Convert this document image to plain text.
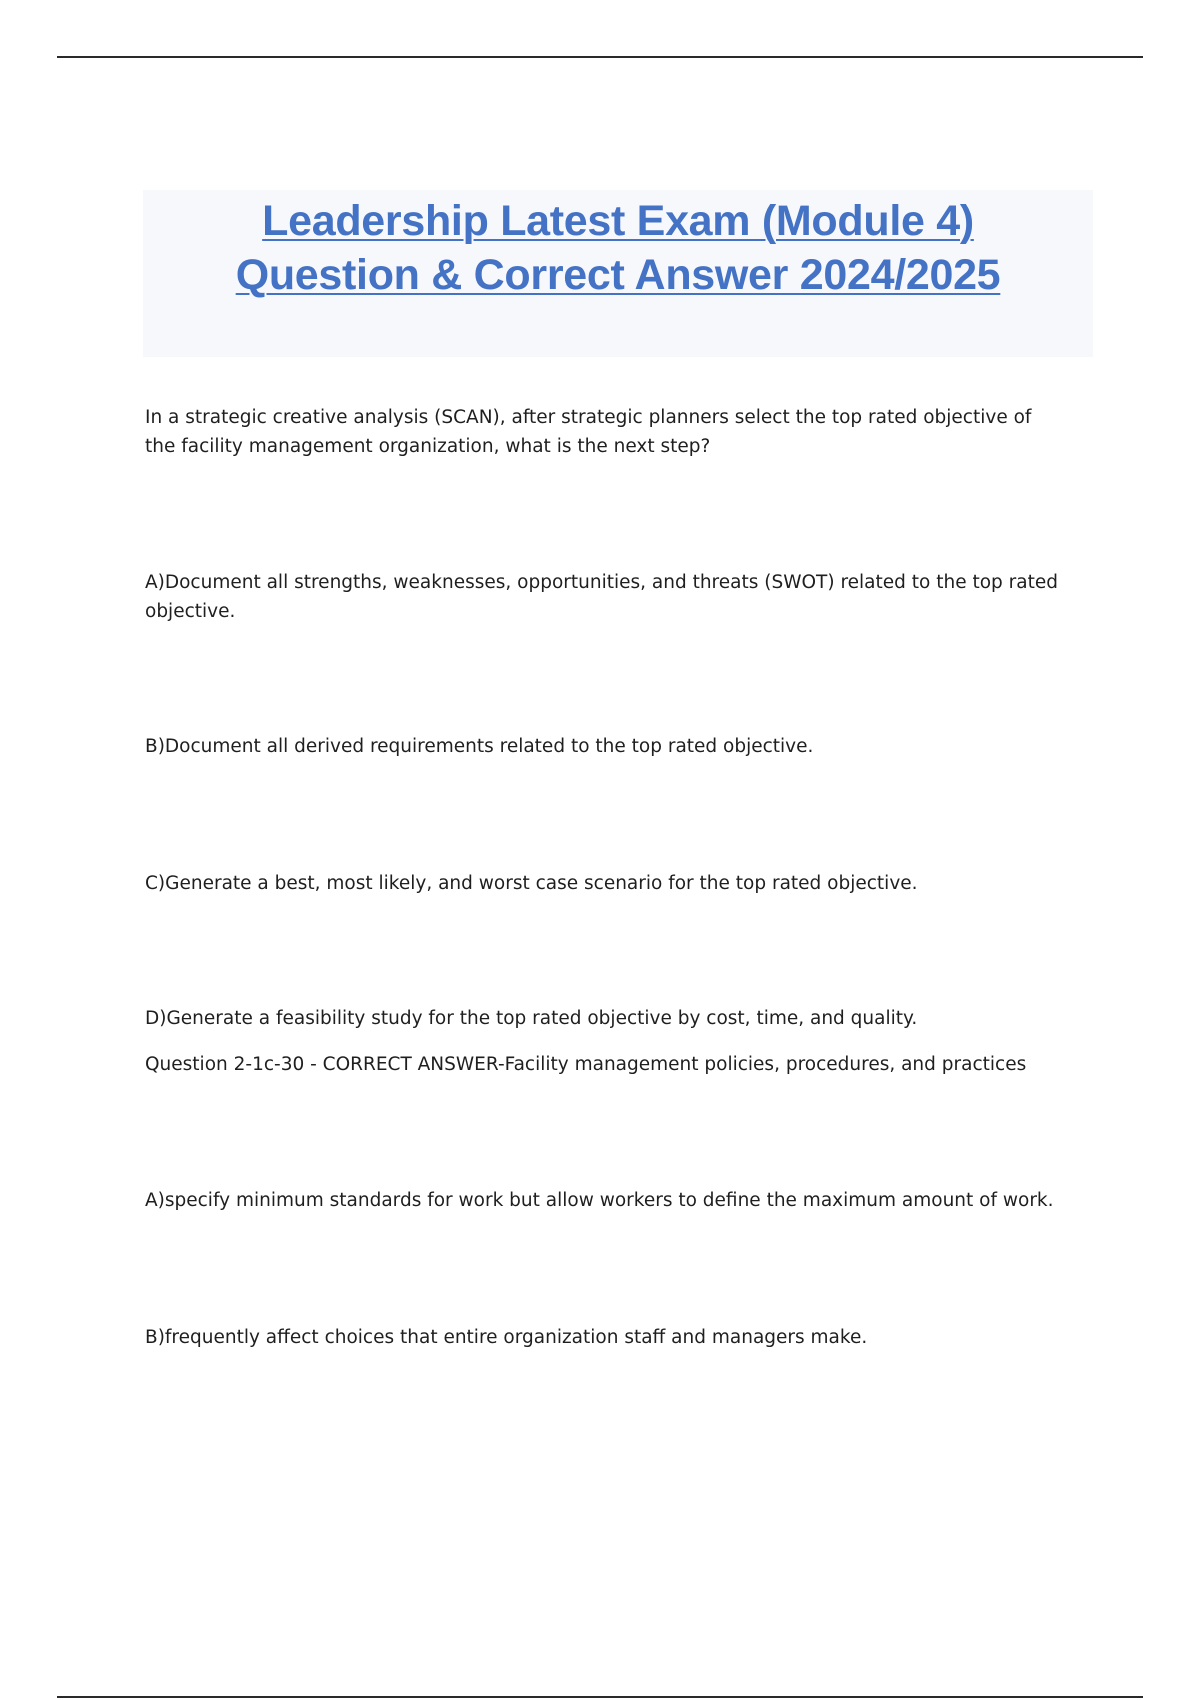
Leadership Latest Exam (Module 4)
Question & Correct Answer 2024/2025

In a strategic creative analysis (SCAN), after strategic planners select the top rated objective of the facility management organization, what is the next step?

A)Document all strengths, weaknesses, opportunities, and threats (SWOT) related to the top rated objective.

B)Document all derived requirements related to the top rated objective.

C)Generate a best, most likely, and worst case scenario for the top rated objective.

D)Generate a feasibility study for the top rated objective by cost, time, and quality.

Question 2-1c-30 - CORRECT ANSWER-Facility management policies, procedures, and practices

A)specify minimum standards for work but allow workers to define the maximum amount of work.

B)frequently affect choices that entire organization staff and managers make.
